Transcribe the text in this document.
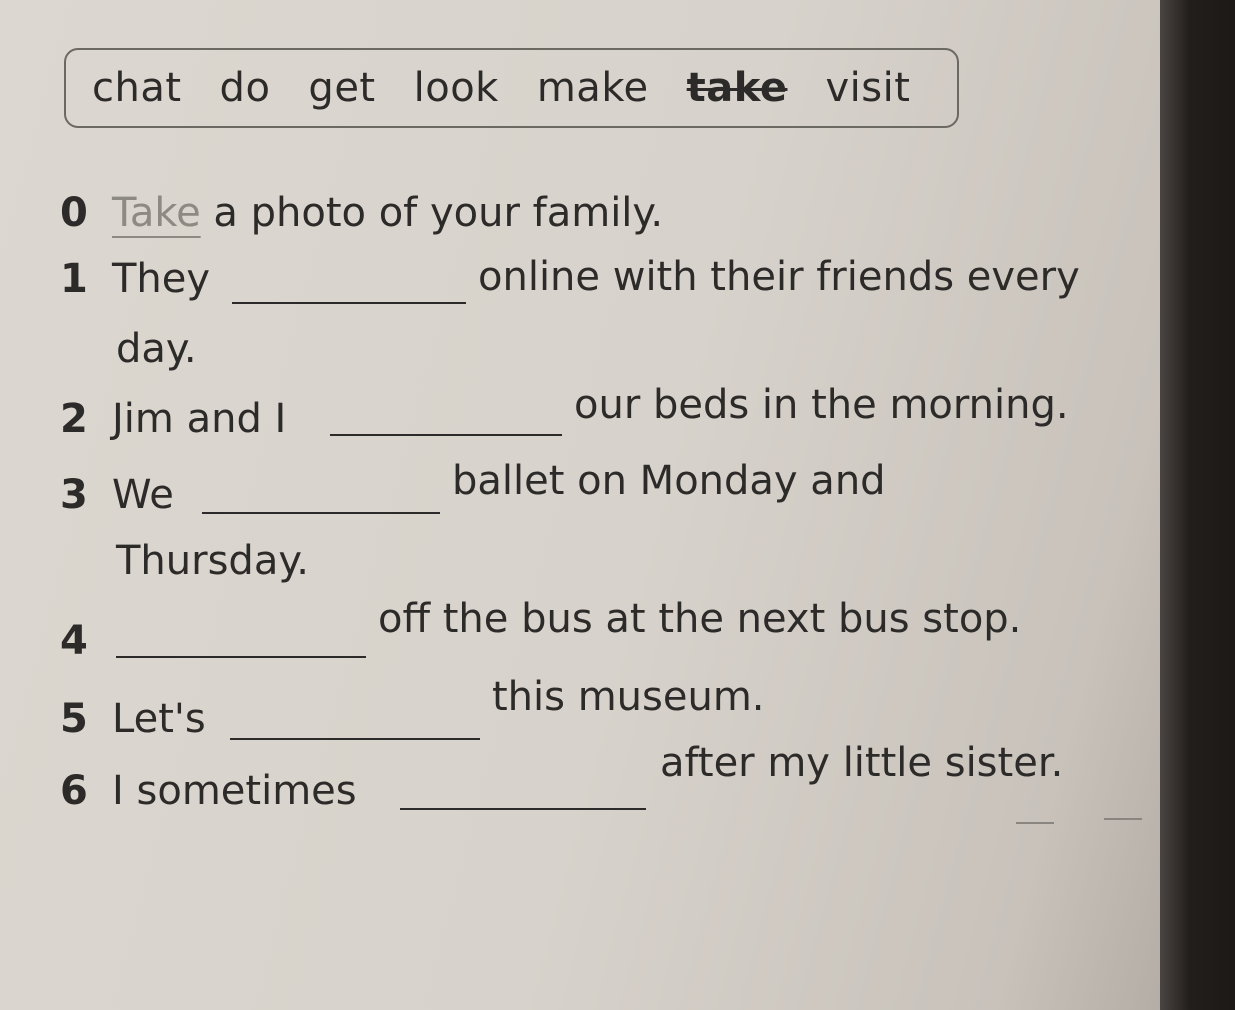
chat do get look make take visit
0 Take a photo of your family.
1 They	online with their friends every
day.
2 Jim and I	our beds in the morning.
3 We	ballet on Monday and
Thursday.
4	off the bus at the next bus stop.
5 Let's	this museum.
6 I sometimes
after my little sister.
